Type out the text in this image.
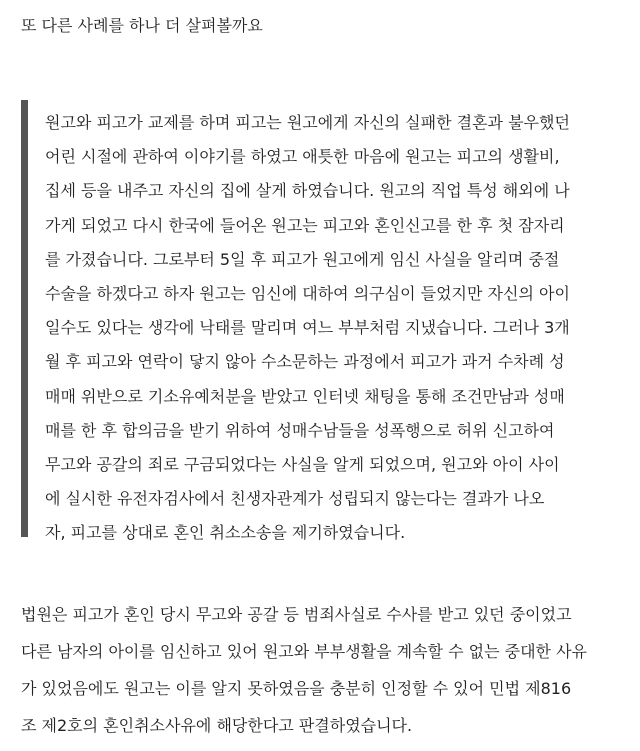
또 다른 사례를 하나 더 살펴볼까요

원고와 피고가 교제를 하며 피고는 원고에게 자신의 실패한 결혼과 불우했던
어린 시절에 관하여 이야기를 하였고 애틋한 마음에 원고는 피고의 생활비,
집세 등을 내주고 자신의 집에 살게 하였습니다. 원고의 직업 특성 해외에 나
가게 되었고 다시 한국에 들어온 원고는 피고와 혼인신고를 한 후 첫 잠자리
를 가졌습니다. 그로부터 5일 후 피고가 원고에게 임신 사실을 알리며 중절
수술을 하겠다고 하자 원고는 임신에 대하여 의구심이 들었지만 자신의 아이
일수도 있다는 생각에 낙태를 말리며 여느 부부처럼 지냈습니다. 그러나 3개
월 후 피고와 연락이 닿지 않아 수소문하는 과정에서 피고가 과거 수차례 성
매매 위반으로 기소유예처분을 받았고 인터넷 채팅을 통해 조건만남과 성매
매를 한 후 합의금을 받기 위하여 성매수남들을 성폭행으로 허위 신고하여
무고와 공갈의 죄로 구금되었다는 사실을 알게 되었으며, 원고와 아이 사이
에 실시한 유전자검사에서 친생자관계가 성립되지 않는다는 결과가 나오
자, 피고를 상대로 혼인 취소소송을 제기하였습니다.
법원은 피고가 혼인 당시 무고와 공갈 등 범죄사실로 수사를 받고 있던 중이었고
다른 남자의 아이를 임신하고 있어 원고와 부부생활을 계속할 수 없는 중대한 사유
가 있었음에도 원고는 이를 알지 못하였음을 충분히 인정할 수 있어 민법 제816
조 제2호의 혼인취소사유에 해당한다고 판결하였습니다.
